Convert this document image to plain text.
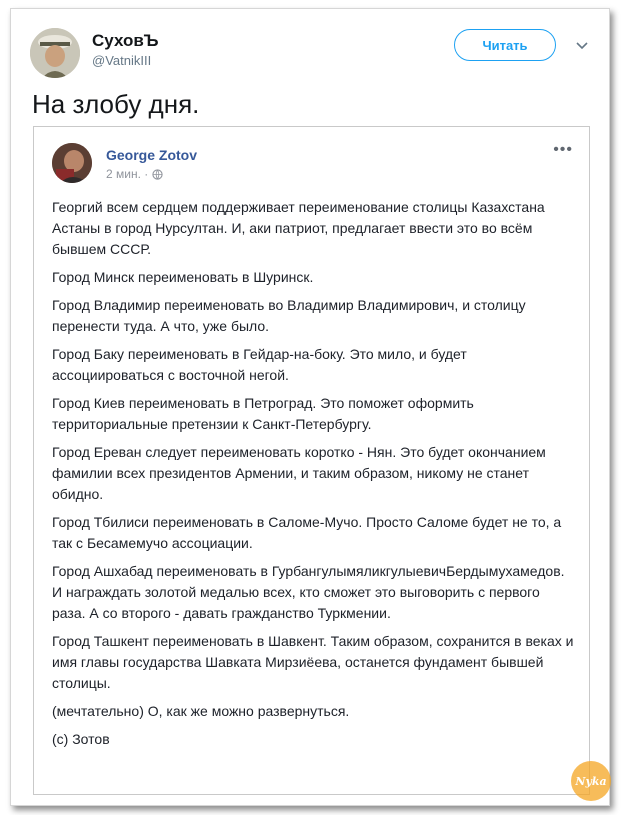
СуховЪ
@VatnikIII
Читать
На злобу дня.
George Zotov
2 мин. ·
•••

Георгий всем сердцем поддерживает переименование столицы Казахстана Астаны в город Нурсултан. И, аки патриот, предлагает ввести это во всём бывшем СССР.

Город Минск переименовать в Шуринск.

Город Владимир переименовать во Владимир Владимирович, и столицу перенести туда. А что, уже было.

Город Баку переименовать в Гейдар-на-боку. Это мило, и будет ассоциироваться с восточной негой.

Город Киев переименовать в Петроград. Это поможет оформить территориальные претензии к Санкт-Петербургу.

Город Ереван следует переименовать коротко - Нян. Это будет окончанием фамилии всех президентов Армении, и таким образом, никому не станет обидно.

Город Тбилиси переименовать в Саломе-Мучо. Просто Саломе будет не то, а так с Бесамемучо ассоциации.

Город Ашхабад переименовать в ГурбангулымяликгулыевичБердымухамедов. И награждать золотой медалью всех, кто сможет это выговорить с первого раза. А со второго - давать гражданство Туркмении.

Город Ташкент переименовать в Шавкент. Таким образом, сохранится в веках и имя главы государства Шавката Мирзиёева, останется фундамент бывшей столицы.

(мечтательно) О, как же можно развернуться.

(с) Зотов

Nyka
